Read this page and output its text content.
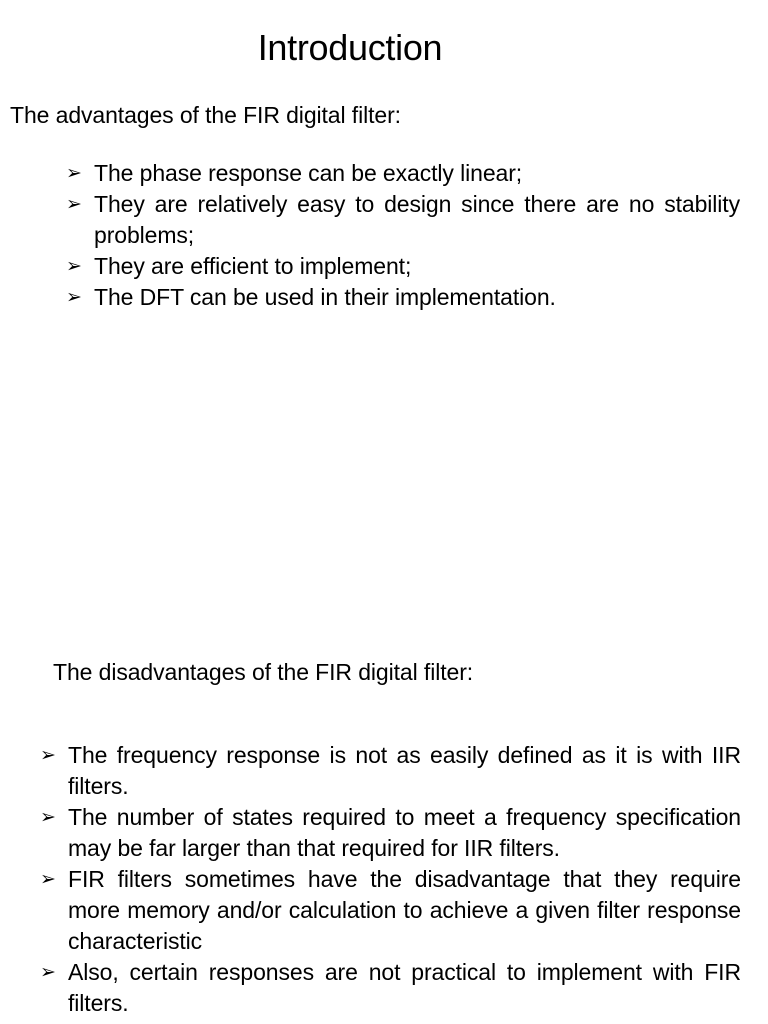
Introduction

The advantages of the FIR digital filter:

➢ The phase response can be exactly linear;
➢ They are relatively easy to design since there are no stability problems;
➢ They are efficient to implement;
➢ The DFT can be used in their implementation.

The disadvantages of the FIR digital filter:

➢ The frequency response is not as easily defined as it is with IIR filters.
➢ The number of states required to meet a frequency specification may be far larger than that required for IIR filters.
➢ FIR filters sometimes have the disadvantage that they require more memory and/or calculation to achieve a given filter response characteristic
➢ Also, certain responses are not practical to implement with FIR filters.
